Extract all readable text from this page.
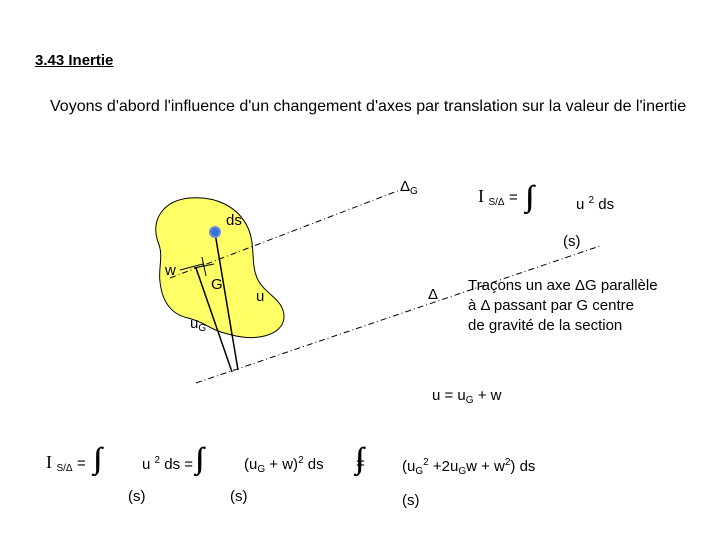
3.43 Inertie
Voyons d'abord l'influence d'un changement d'axes par translation sur la valeur de l'inertie
$\Delta_G$
ds
w
G
u
$u_G$
Δ
I $_{S/\Delta}$ =	u $^2$ ds
(s)
Traçons un axe ΔG parallèle
à Δ passant par G centre
de gravité de la section
$u = u_G + w$
I $_{S/\Delta}$ =	u $^2$ ds =
(s)
$(u_G + w)^2$ ds
(s)
= $(u_G^2 +2u_Gw + w^2)$ ds
(s)
